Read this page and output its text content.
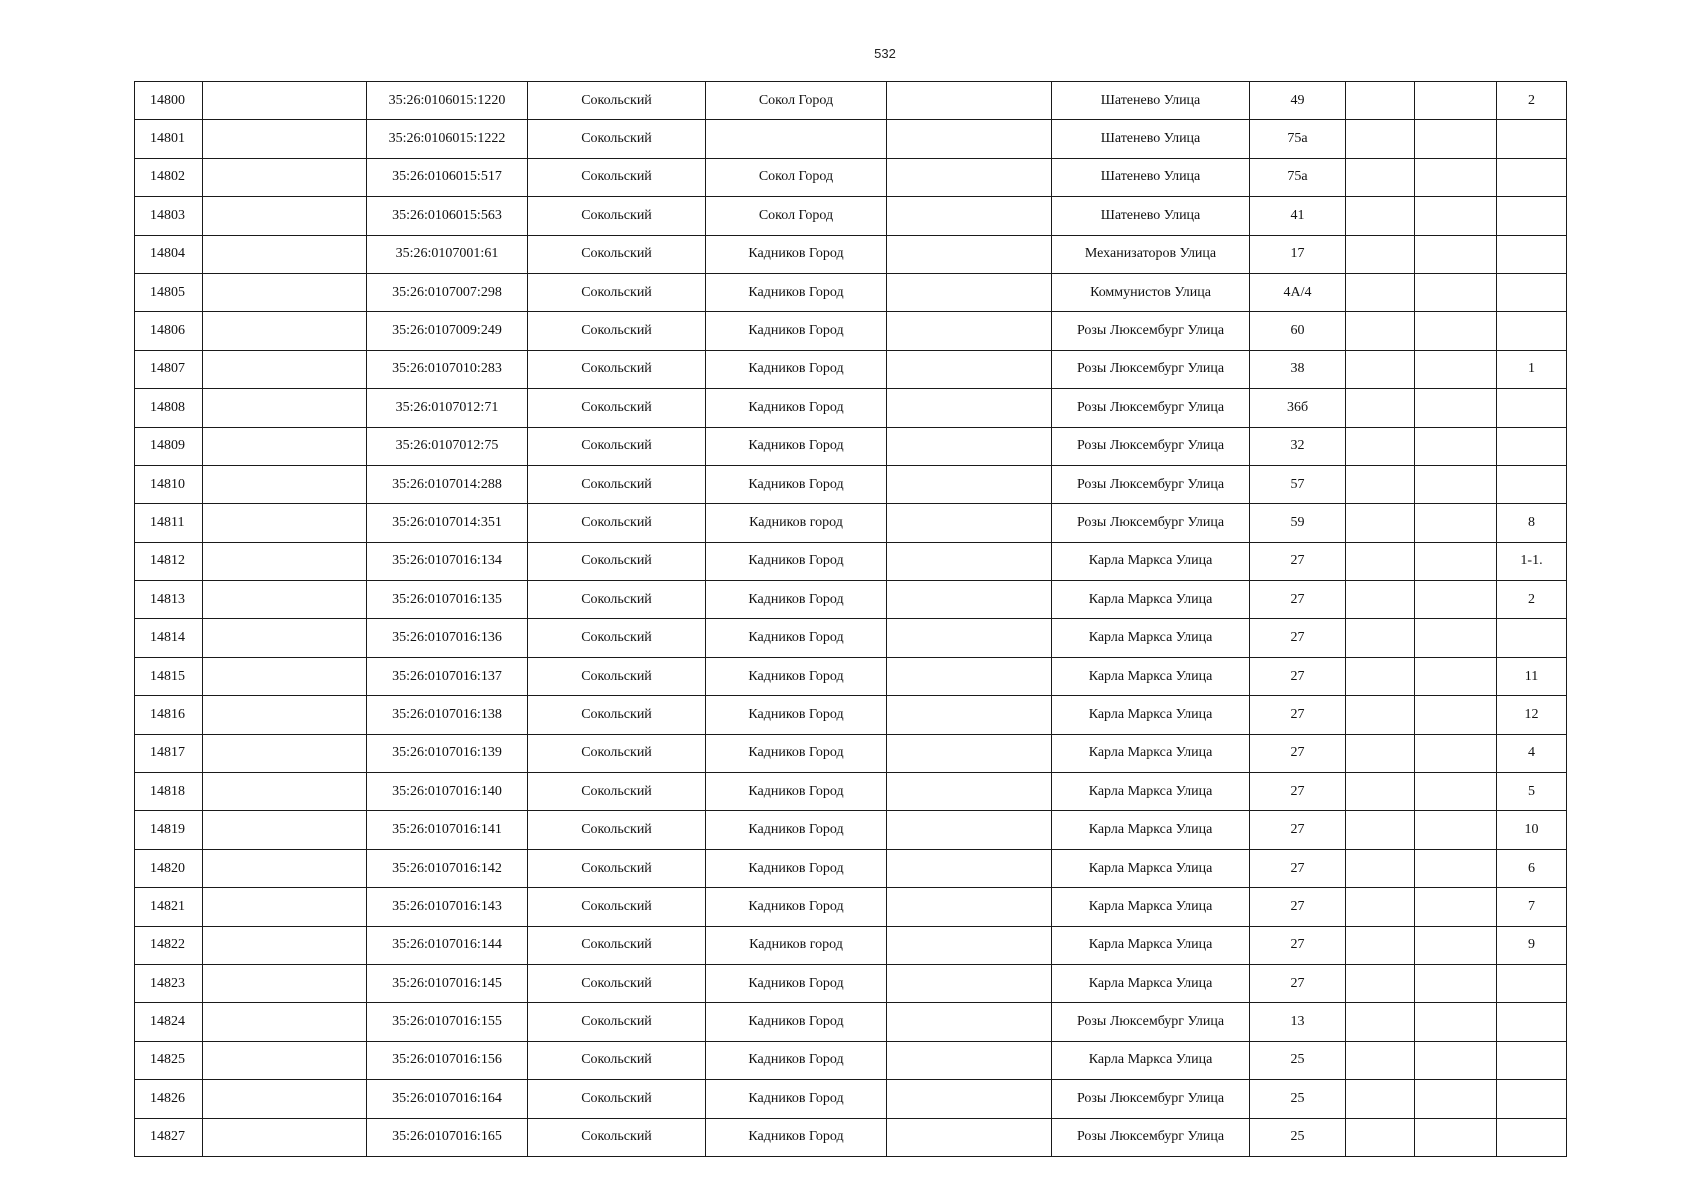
532
14800		35:26:0106015:1220	Сокольский	Сокол Город		Шатенево Улица	49			2
14801		35:26:0106015:1222	Сокольский			Шатенево Улица	75а			
14802		35:26:0106015:517	Сокольский	Сокол Город		Шатенево Улица	75а			
14803		35:26:0106015:563	Сокольский	Сокол Город		Шатенево Улица	41			
14804		35:26:0107001:61	Сокольский	Кадников Город		Механизаторов Улица	17			
14805		35:26:0107007:298	Сокольский	Кадников Город		Коммунистов Улица	4А/4			
14806		35:26:0107009:249	Сокольский	Кадников Город		Розы Люксембург Улица	60			
14807		35:26:0107010:283	Сокольский	Кадников Город		Розы Люксембург Улица	38			1
14808		35:26:0107012:71	Сокольский	Кадников Город		Розы Люксембург Улица	36б			
14809		35:26:0107012:75	Сокольский	Кадников Город		Розы Люксембург Улица	32			
14810		35:26:0107014:288	Сокольский	Кадников Город		Розы Люксембург Улица	57			
14811		35:26:0107014:351	Сокольский	Кадников город		Розы Люксембург Улица	59			8
14812		35:26:0107016:134	Сокольский	Кадников Город		Карла Маркса Улица	27			1-1.
14813		35:26:0107016:135	Сокольский	Кадников Город		Карла Маркса Улица	27			2
14814		35:26:0107016:136	Сокольский	Кадников Город		Карла Маркса Улица	27			
14815		35:26:0107016:137	Сокольский	Кадников Город		Карла Маркса Улица	27			11
14816		35:26:0107016:138	Сокольский	Кадников Город		Карла Маркса Улица	27			12
14817		35:26:0107016:139	Сокольский	Кадников Город		Карла Маркса Улица	27			4
14818		35:26:0107016:140	Сокольский	Кадников Город		Карла Маркса Улица	27			5
14819		35:26:0107016:141	Сокольский	Кадников Город		Карла Маркса Улица	27			10
14820		35:26:0107016:142	Сокольский	Кадников Город		Карла Маркса Улица	27			6
14821		35:26:0107016:143	Сокольский	Кадников Город		Карла Маркса Улица	27			7
14822		35:26:0107016:144	Сокольский	Кадников город		Карла Маркса Улица	27			9
14823		35:26:0107016:145	Сокольский	Кадников Город		Карла Маркса Улица	27			
14824		35:26:0107016:155	Сокольский	Кадников Город		Розы Люксембург Улица	13			
14825		35:26:0107016:156	Сокольский	Кадников Город		Карла Маркса Улица	25			
14826		35:26:0107016:164	Сокольский	Кадников Город		Розы Люксембург Улица	25			
14827		35:26:0107016:165	Сокольский	Кадников Город		Розы Люксембург Улица	25			
